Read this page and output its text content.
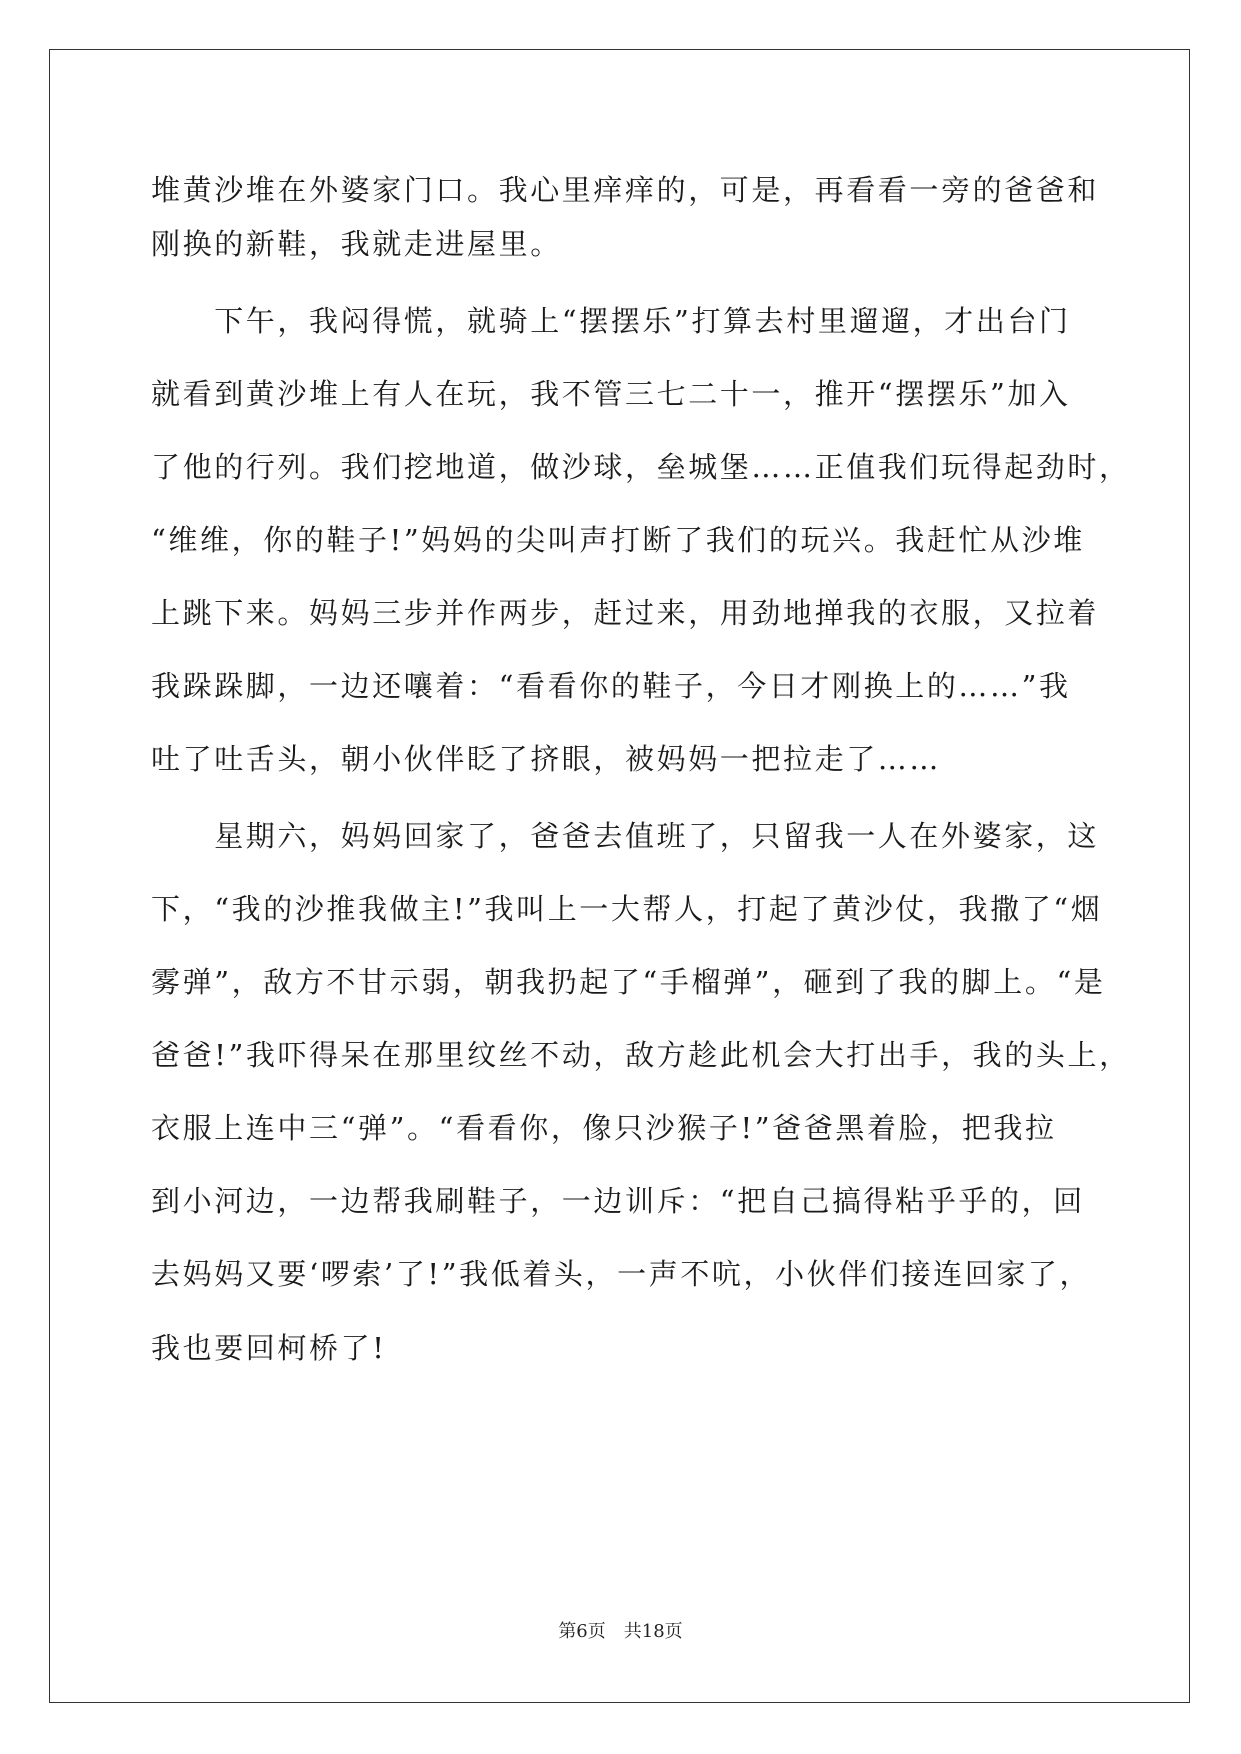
堆黄沙堆在外婆家门口。我心里痒痒的，可是，再看看一旁的爸爸和
刚换的新鞋，我就走进屋里。
　　下午，我闷得慌，就骑上“摆摆乐”打算去村里遛遛，才出台门
就看到黄沙堆上有人在玩，我不管三七二十一，推开“摆摆乐”加入
了他的行列。我们挖地道，做沙球，垒城堡……正值我们玩得起劲时，
“维维，你的鞋子!”妈妈的尖叫声打断了我们的玩兴。我赶忙从沙堆
上跳下来。妈妈三步并作两步，赶过来，用劲地掸我的衣服，又拉着
我跺跺脚，一边还嚷着：“看看你的鞋子，今日才刚换上的……”我
吐了吐舌头，朝小伙伴眨了挤眼，被妈妈一把拉走了……
　　星期六，妈妈回家了，爸爸去值班了，只留我一人在外婆家，这
下，“我的沙推我做主!”我叫上一大帮人，打起了黄沙仗，我撒了“烟
雾弹”，敌方不甘示弱，朝我扔起了“手榴弹”，砸到了我的脚上。“是
爸爸!”我吓得呆在那里纹丝不动，敌方趁此机会大打出手，我的头上，
衣服上连中三“弹”。“看看你，像只沙猴子!”爸爸黑着脸，把我拉
到小河边，一边帮我刷鞋子，一边训斥：“把自己搞得粘乎乎的，回
去妈妈又要‘啰索’了!”我低着头，一声不吭，小伙伴们接连回家了，
我也要回柯桥了!
第6页 共18页
